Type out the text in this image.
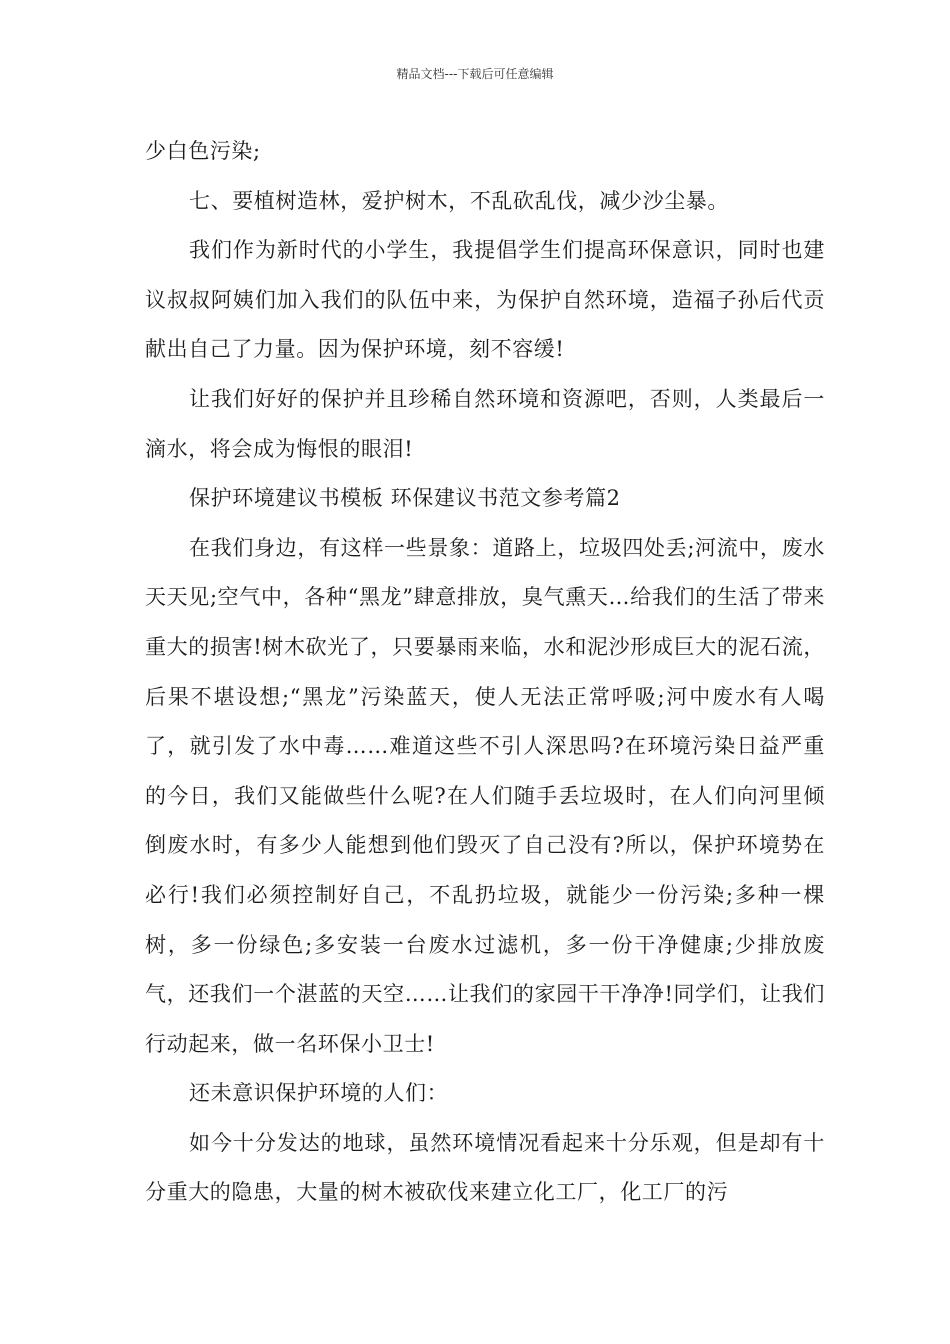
精品文档---下载后可任意编辑

少白色污染;

七、要植树造林，爱护树木，不乱砍乱伐，减少沙尘暴。

我们作为新时代的小学生，我提倡学生们提高环保意识，同时也建议叔叔阿姨们加入我们的队伍中来，为保护自然环境，造福子孙后代贡献出自己了力量。因为保护环境，刻不容缓!

让我们好好的保护并且珍稀自然环境和资源吧，否则，人类最后一滴水，将会成为悔恨的眼泪!

保护环境建议书模板 环保建议书范文参考篇2

在我们身边，有这样一些景象：道路上，垃圾四处丢;河流中，废水天天见;空气中，各种“黑龙”肆意排放，臭气熏天…给我们的生活了带来重大的损害!树木砍光了，只要暴雨来临，水和泥沙形成巨大的泥石流，后果不堪设想;“黑龙”污染蓝天，使人无法正常呼吸;河中废水有人喝了，就引发了水中毒……难道这些不引人深思吗?在环境污染日益严重的今日，我们又能做些什么呢?在人们随手丢垃圾时，在人们向河里倾倒废水时，有多少人能想到他们毁灭了自己没有?所以，保护环境势在必行!我们必须控制好自己，不乱扔垃圾，就能少一份污染;多种一棵树，多一份绿色;多安装一台废水过滤机，多一份干净健康;少排放废气，还我们一个湛蓝的天空……让我们的家园干干净净!同学们，让我们行动起来，做一名环保小卫士!

还未意识保护环境的人们：

如今十分发达的地球，虽然环境情况看起来十分乐观，但是却有十分重大的隐患，大量的树木被砍伐来建立化工厂，化工厂的污
